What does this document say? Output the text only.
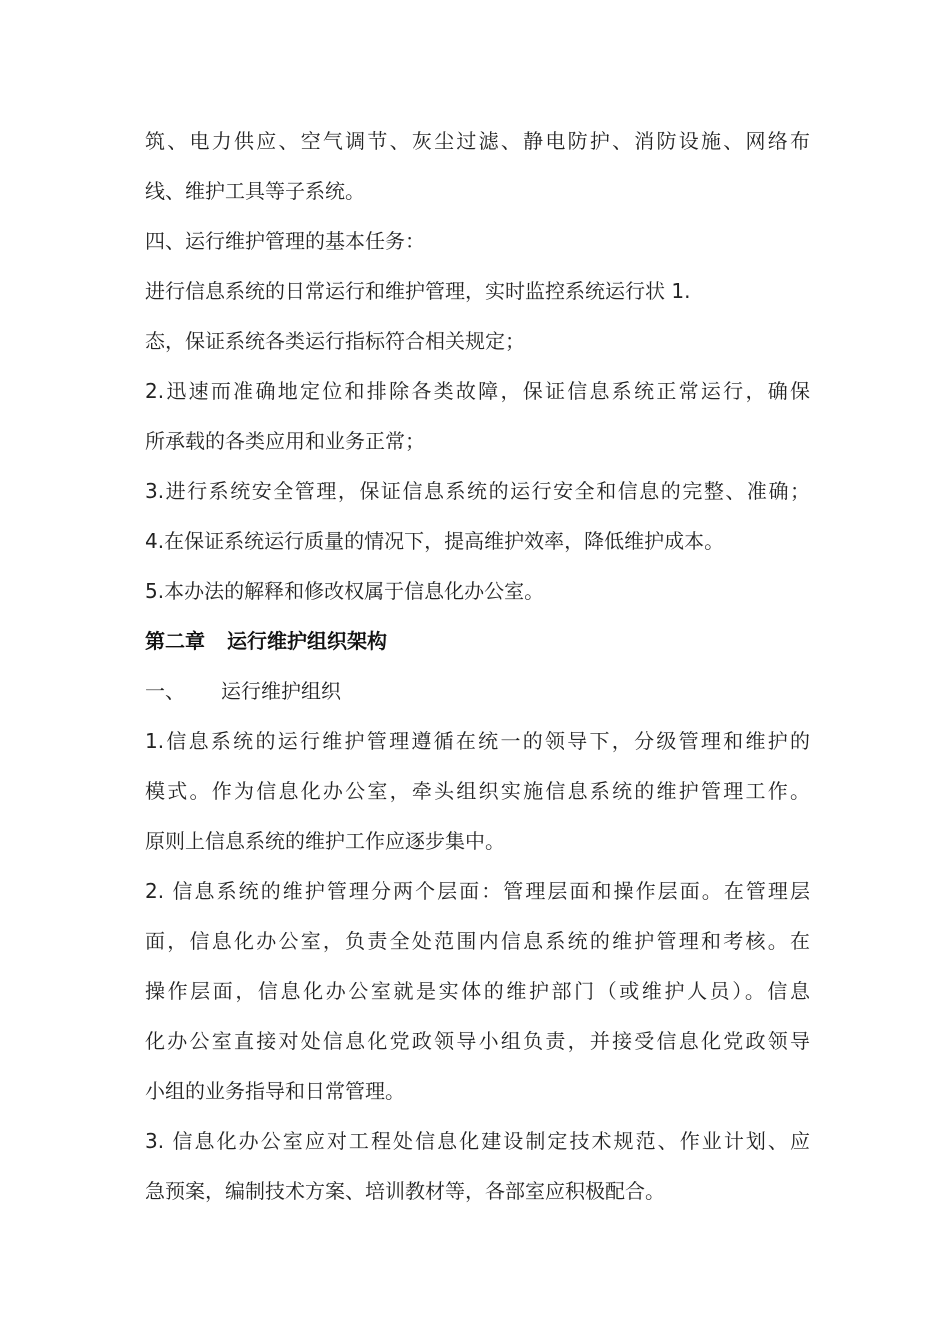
筑、电力供应、空气调节、灰尘过滤、静电防护、消防设施、网络布
线、维护工具等子系统。
四、运行维护管理的基本任务：
进行信息系统的日常运行和维护管理，实时监控系统运行状 1.
态，保证系统各类运行指标符合相关规定；
2.迅速而准确地定位和排除各类故障，保证信息系统正常运行，确保
所承载的各类应用和业务正常；
3.进行系统安全管理，保证信息系统的运行安全和信息的完整、准确；
4.在保证系统运行质量的情况下，提高维护效率，降低维护成本。
5.本办法的解释和修改权属于信息化办公室。
第二章 运行维护组织架构
一、 运行维护组织
1.信息系统的运行维护管理遵循在统一的领导下，分级管理和维护的
模式。作为信息化办公室，牵头组织实施信息系统的维护管理工作。
原则上信息系统的维护工作应逐步集中。
2. 信息系统的维护管理分两个层面：管理层面和操作层面。在管理层
面，信息化办公室，负责全处范围内信息系统的维护管理和考核。在
操作层面，信息化办公室就是实体的维护部门（或维护人员）。信息
化办公室直接对处信息化党政领导小组负责，并接受信息化党政领导
小组的业务指导和日常管理。
3. 信息化办公室应对工程处信息化建设制定技术规范、作业计划、应
急预案，编制技术方案、培训教材等，各部室应积极配合。
